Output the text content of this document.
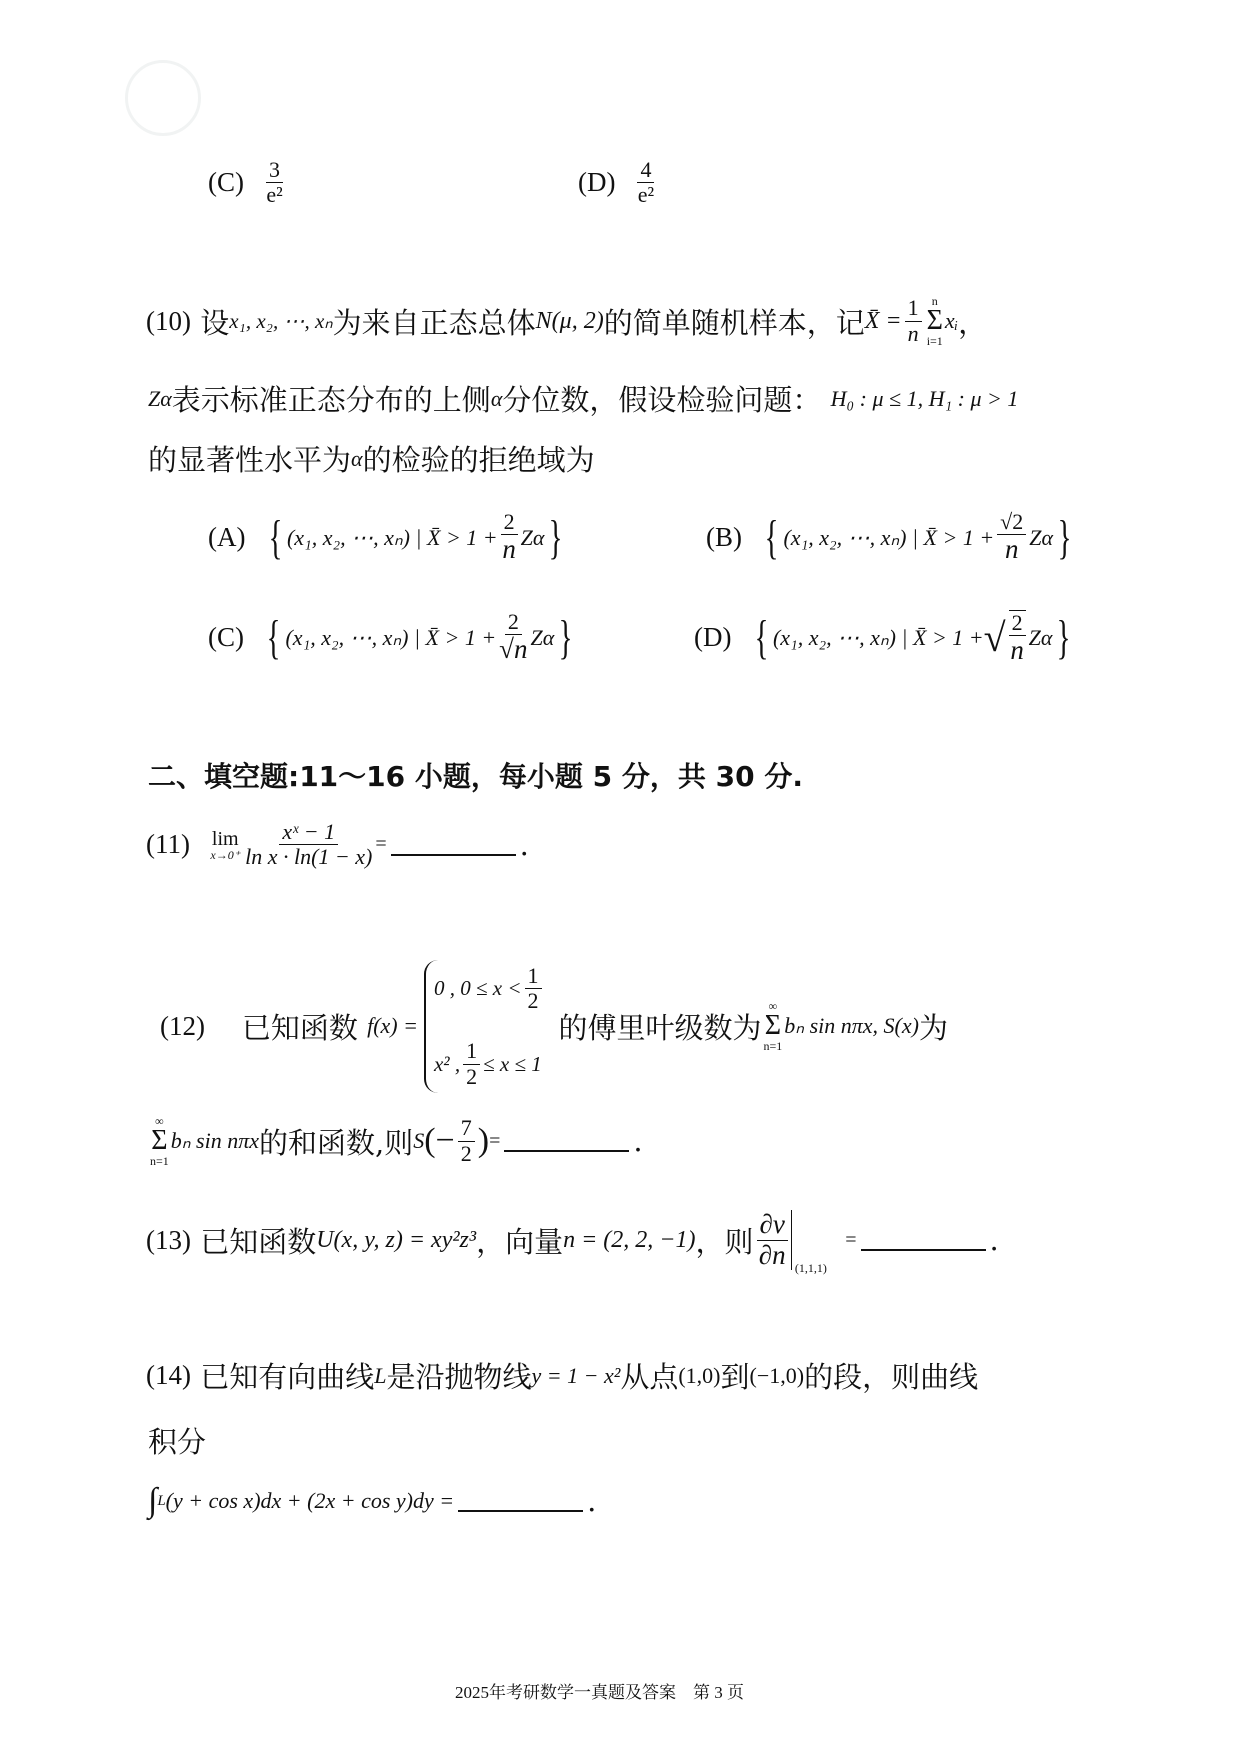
$(C) \frac{3}{\text{e²}}$	$(D) \frac{4}{\text{e²}}$
(10)
设 x₁, x₂, ⋯, xₙ 为来自正态总体 N(μ, 2) 的简单随机样本，记 X̄ = $\frac{1}{n}$ n
Σ
i=1
xᵢ ，
Zα 表示标准正态分布的上侧 α 分位数，假设检验问题：
H₀ : μ ≤ 1, H₁ : μ > 1
的显著性水平为 α 的检验的拒绝域为
(A)
{ (x₁, x₂, ⋯, xₙ) | X̄ > $1 + \frac{2}{n}$ Zα }	(B)
{ (x₁, x₂, ⋯, xₙ) | X̄ > $1 + \frac{√2}{n}$ Zα }
(C)
{ (x₁, x₂, ⋯, xₙ) | X̄ > $1 + \frac{2}{√n}$ Zα }	(D)
{ (x₁, x₂, ⋯, xₙ) | X̄ > 1 + √ $\frac{2}{n}$ Zα }
二、填空题:11～16 小题，每小题 5 分，共 30 分.
(11)
lim
$x\to 0^+ \frac{\text{xˣ − 1}}{\text{ln x · ln(1 − x)}}$ =	.
(12)
已知函数
f(x) =
0 , $0 \le x < \frac{1}{2}$
x² , $\frac{1}{2} \le x \le 1$
的傅里叶级数为
∞
Σ
n=1
bₙ sin nπx , S(x) 为
∞
Σ
n=1
bₙ sin nπx 的和函数,则 S (− $\frac{7}{2}$ ) =	.
(13)
已知函数 U(x, y, z) = xy²z³ ，向量 n = (2, 2, −1) ，则 $\frac{\partial v}{\partial n} (1,1,1)$

=	.
(14)
已知有向曲线 L 是沿抛物线 y = 1 − x² 从点 (1,0) 到 (−1,0) 的段，则曲线
积分
∫ L (y + cos x)dx + (2x + cos y)dy =	.
2025年考研数学一真题及答案　第 3 页
